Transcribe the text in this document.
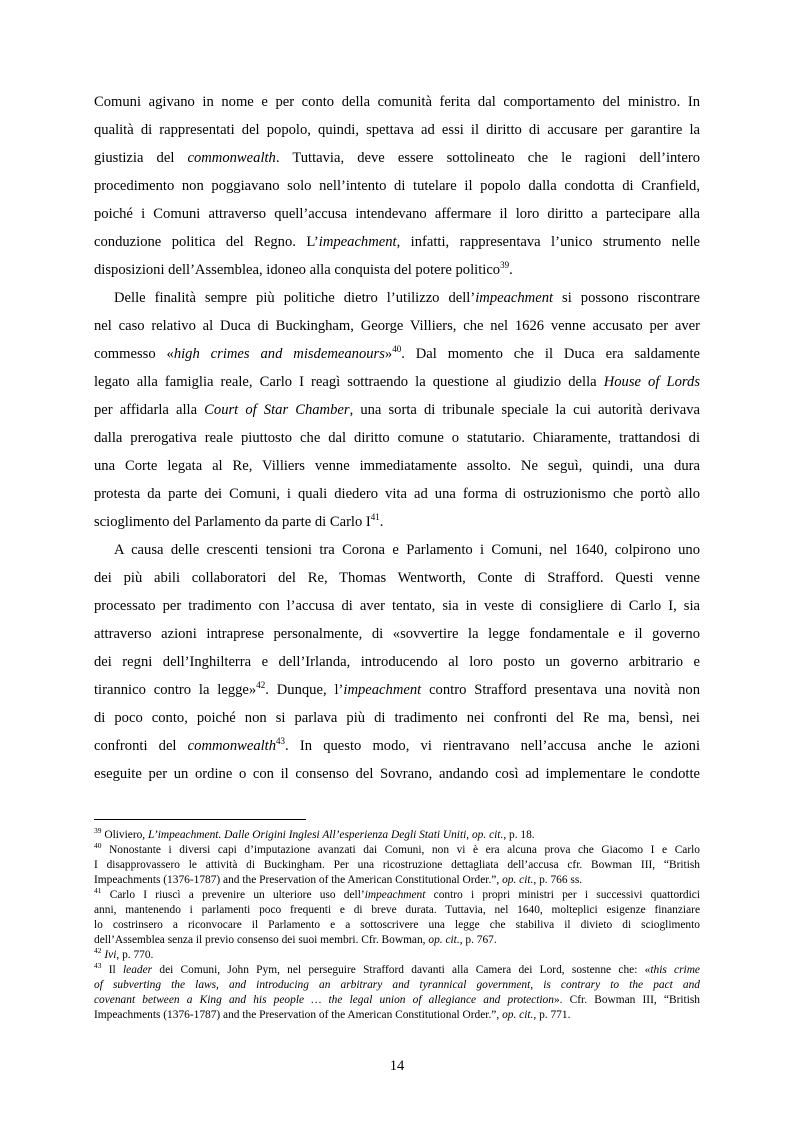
Comuni agivano in nome e per conto della comunità ferita dal comportamento del ministro. In
qualità di rappresentati del popolo, quindi, spettava ad essi il diritto di accusare per garantire la
giustizia del commonwealth. Tuttavia, deve essere sottolineato che le ragioni dell’intero
procedimento non poggiavano solo nell’intento di tutelare il popolo dalla condotta di Cranfield,
poiché i Comuni attraverso quell’accusa intendevano affermare il loro diritto a partecipare alla
conduzione politica del Regno. L’impeachment, infatti, rappresentava l’unico strumento nelle
disposizioni dell’Assemblea, idoneo alla conquista del potere politico$^{39}$.
Delle finalità sempre più politiche dietro l’utilizzo dell’impeachment si possono riscontrare
nel caso relativo al Duca di Buckingham, George Villiers, che nel 1626 venne accusato per aver
commesso «high crimes and misdemeanours»$^{40}$. Dal momento che il Duca era saldamente
legato alla famiglia reale, Carlo I reagì sottraendo la questione al giudizio della House of Lords
per affidarla alla Court of Star Chamber, una sorta di tribunale speciale la cui autorità derivava
dalla prerogativa reale piuttosto che dal diritto comune o statutario. Chiaramente, trattandosi di
una Corte legata al Re, Villiers venne immediatamente assolto. Ne seguì, quindi, una dura
protesta da parte dei Comuni, i quali diedero vita ad una forma di ostruzionismo che portò allo
scioglimento del Parlamento da parte di Carlo $I^{41}$.
A causa delle crescenti tensioni tra Corona e Parlamento i Comuni, nel 1640, colpirono uno
dei più abili collaboratori del Re, Thomas Wentworth, Conte di Strafford. Questi venne
processato per tradimento con l’accusa di aver tentato, sia in veste di consigliere di Carlo I, sia
attraverso azioni intraprese personalmente, di «sovvertire la legge fondamentale e il governo
dei regni dell’Inghilterra e dell’Irlanda, introducendo al loro posto un governo arbitrario e
tirannico contro la legge»$^{42}$. Dunque, l’impeachment contro Strafford presentava una novità non
di poco conto, poiché non si parlava più di tradimento nei confronti del Re ma, bensì, nei
confronti del commonwealth$^{43}$. In questo modo, vi rientravano nell’accusa anche le azioni
eseguite per un ordine o con il consenso del Sovrano, andando così ad implementare le condotte
$^{39}$ Oliviero, L’impeachment. Dalle Origini Inglesi All’esperienza Degli Stati Uniti, op. cit., p. 18.
$^{40}$ Nonostante i diversi capi d’imputazione avanzati dai Comuni, non vi è era alcuna prova che Giacomo I e Carlo
I disapprovassero le attività di Buckingham. Per una ricostruzione dettagliata dell’accusa cfr. Bowman III, “British
Impeachments (1376-1787) and the Preservation of the American Constitutional Order.”, op. cit., p. 766 ss.
$^{41}$ Carlo I riuscì a prevenire un ulteriore uso dell’impeachment contro i propri ministri per i successivi quattordici
anni, mantenendo i parlamenti poco frequenti e di breve durata. Tuttavia, nel 1640, molteplici esigenze finanziare
lo costrinsero a riconvocare il Parlamento e a sottoscrivere una legge che stabiliva il divieto di scioglimento
dell’Assemblea senza il previo consenso dei suoi membri. Cfr. Bowman, op. cit., p. 767.
$^{42}$ Ivi, p. 770.
$^{43}$ Il leader dei Comuni, John Pym, nel perseguire Strafford davanti alla Camera dei Lord, sostenne che: «this crime
of subverting the laws, and introducing an arbitrary and tyrannical government, is contrary to the pact and
covenant between a King and his people … the legal union of allegiance and protection». Cfr. Bowman III, “British
Impeachments (1376-1787) and the Preservation of the American Constitutional Order.”, op. cit., p. 771.
14
